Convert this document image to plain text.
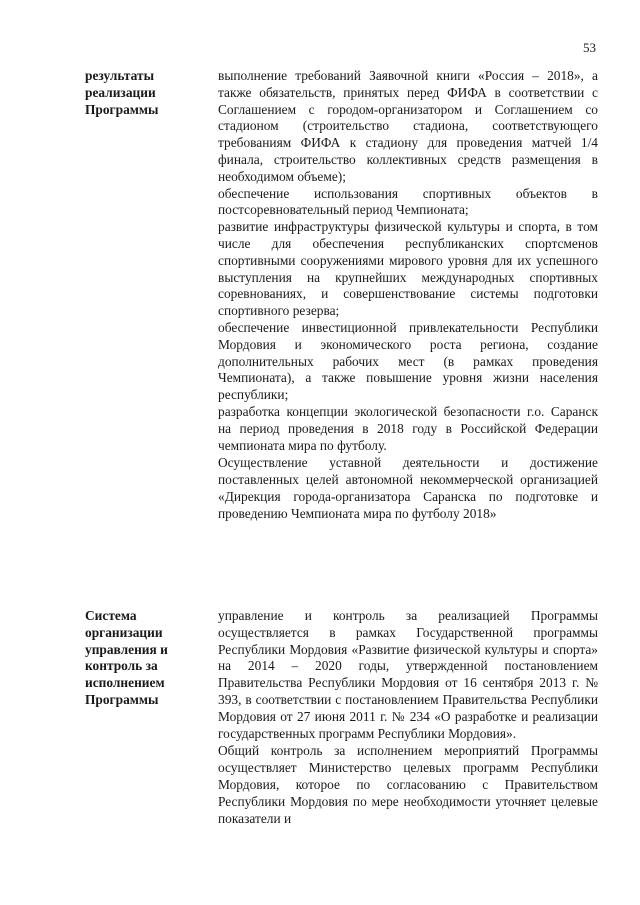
53
результаты
реализации
Программы

выполнение требований Заявочной книги «Россия – 2018», а также обязательств, принятых перед ФИФА в соответствии с Соглашением с городом-организатором и Соглашением со стадионом (строительство стадиона, соответствующего требованиям ФИФА к стадиону для проведения матчей 1/4 финала, строительство коллективных средств размещения в необходимом объеме);

обеспечение использования спортивных объектов в постсоревновательный период Чемпионата;

развитие инфраструктуры физической культуры и спорта, в том числе для обеспечения республиканских спортсменов спортивными сооружениями мирового уровня для их успешного выступления на крупнейших международных спортивных соревнованиях, и совершенствование системы подготовки спортивного резерва;

обеспечение инвестиционной привлекательности Республики Мордовия и экономического роста региона, создание дополнительных рабочих мест (в рамках проведения Чемпионата), а также повышение уровня жизни населения республики;

разработка концепции экологической безопасности г.о. Саранск на период проведения в 2018 году в Российской Федерации чемпионата мира по футболу.

Осуществление уставной деятельности и достижение поставленных целей автономной некоммерческой организацией «Дирекция города-организатора Саранска по подготовке и проведению Чемпионата мира по футболу 2018»

Система
организации
управления и
контроль за
исполнением
Программы

управление и контроль за реализацией Программы осуществляется в рамках Государственной программы Республики Мордовия «Развитие физической культуры и спорта» на 2014 – 2020 годы, утвержденной постановлением Правительства Республики Мордовия от 16 сентября 2013 г. № 393, в соответствии с постановлением Правительства Республики Мордовия от 27 июня 2011 г. № 234 «О разработке и реализации государственных программ Республики Мордовия».

Общий контроль за исполнением мероприятий Программы осуществляет Министерство целевых программ Республики Мордовия, которое по согласованию с Правительством Республики Мордовия по мере необходимости уточняет целевые показатели и
